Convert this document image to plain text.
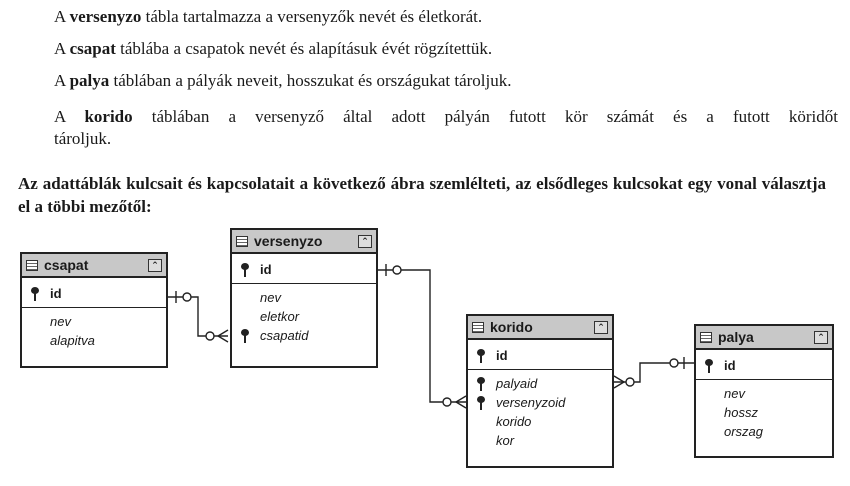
A versenyzo tábla tartalmazza a versenyzők nevét és életkorát.
A csapat táblába a csapatok nevét és alapításuk évét rögzítettük.
A palya táblában a pályák neveit, hosszukat és országukat tároljuk.
A korido táblában a versenyző által adott pályán futott kör számát és a futott köridőt
tároljuk.
Az adattáblák kulcsait és kapcsolatait a következő ábra szemlélteti, az elsődleges kulcsokat egy vonal választja el a többi mezőtől:
csapat	⌃
id
nev
alapitva
versenyzo	⌃
id
nev
eletkor
csapatid
korido	⌃
id
palyaid
versenyzoid
korido
kor
palya	⌃
id
nev
hossz
orszag
